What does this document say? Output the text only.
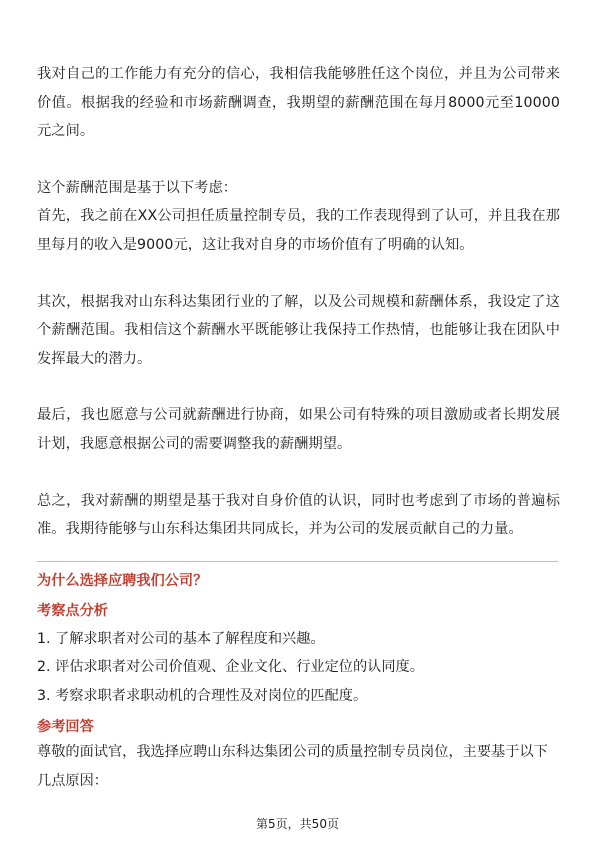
我对自己的工作能力有充分的信心，我相信我能够胜任这个岗位，并且为公司带来价值。根据我的经验和市场薪酬调查，我期望的薪酬范围在每月8000元至10000元之间。

这个薪酬范围是基于以下考虑：

首先，我之前在XX公司担任质量控制专员，我的工作表现得到了认可，并且我在那里每月的收入是9000元，这让我对自身的市场价值有了明确的认知。

其次，根据我对山东科达集团行业的了解，以及公司规模和薪酬体系，我设定了这个薪酬范围。我相信这个薪酬水平既能够让我保持工作热情，也能够让我在团队中发挥最大的潜力。

最后，我也愿意与公司就薪酬进行协商，如果公司有特殊的项目激励或者长期发展计划，我愿意根据公司的需要调整我的薪酬期望。

总之，我对薪酬的期望是基于我对自身价值的认识，同时也考虑到了市场的普遍标准。我期待能够与山东科达集团共同成长，并为公司的发展贡献自己的力量。

为什么选择应聘我们公司？
考察点分析
1. 了解求职者对公司的基本了解程度和兴趣。
2. 评估求职者对公司价值观、企业文化、行业定位的认同度。
3. 考察求职者求职动机的合理性及对岗位的匹配度。
参考回答
尊敬的面试官，我选择应聘山东科达集团公司的质量控制专员岗位，主要基于以下几点原因：
第5页，共50页
